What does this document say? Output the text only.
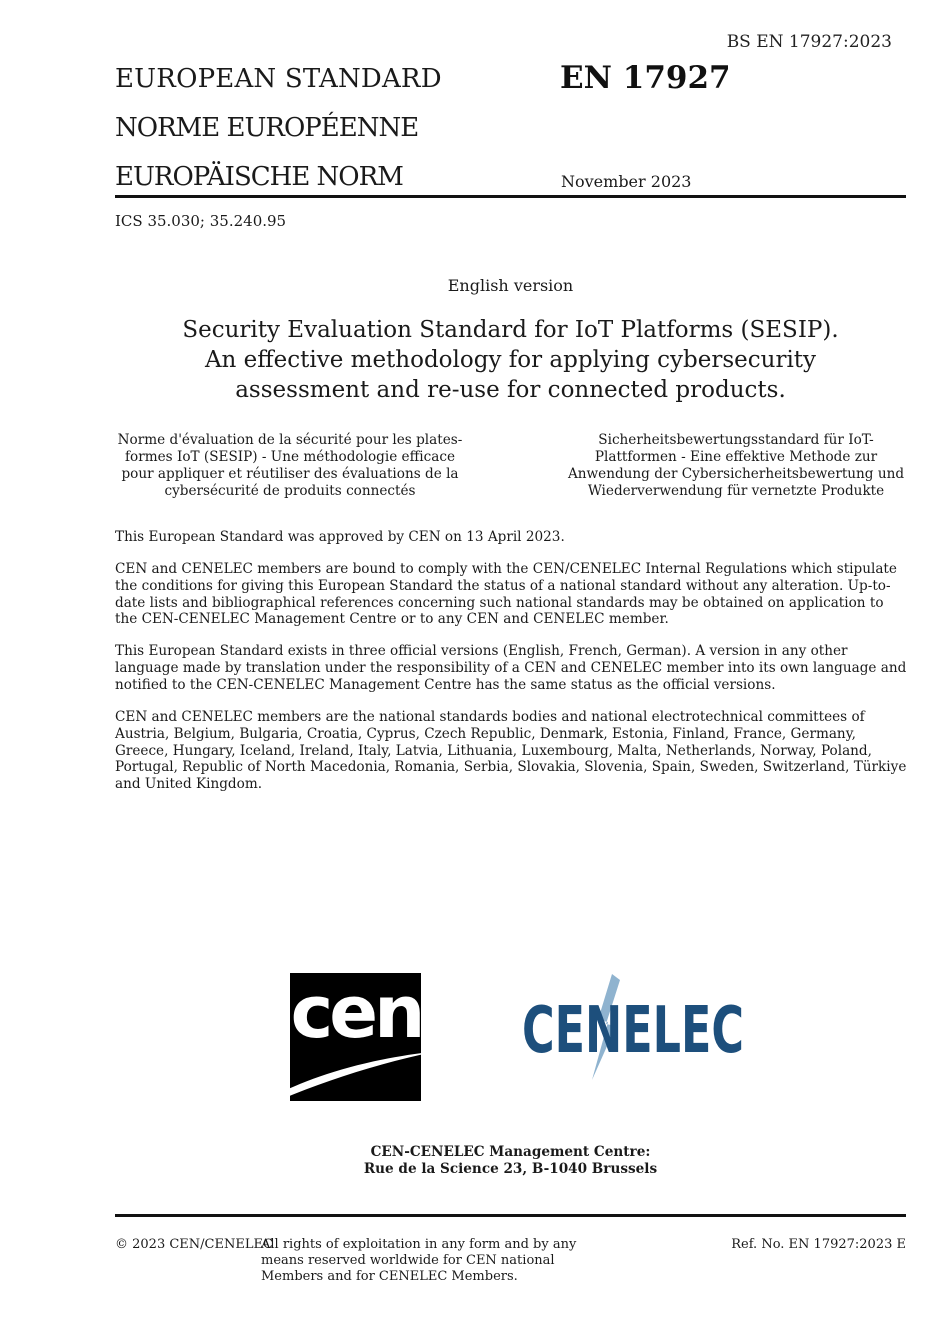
BS EN 17927:2023
EUROPEAN STANDARD
NORME EUROPÉENNE
EUROPÄISCHE NORM
EN 17927
November 2023
ICS 35.030; 35.240.95
English version
Security Evaluation Standard for IoT Platforms (SESIP).
An effective methodology for applying cybersecurity
assessment and re-use for connected products.
Norme d'évaluation de la sécurité pour les plates-formes IoT (SESIP) - Une méthodologie efficace pour appliquer et réutiliser des évaluations de la cybersécurité de produits connectés
Sicherheitsbewertungsstandard für IoT-Plattformen - Eine effektive Methode zur Anwendung der Cybersicherheitsbewertung und Wiederverwendung für vernetzte Produkte

This European Standard was approved by CEN on 13 April 2023.

CEN and CENELEC members are bound to comply with the CEN/CENELEC Internal Regulations which stipulate the conditions for giving this European Standard the status of a national standard without any alteration. Up-to-date lists and bibliographical references concerning such national standards may be obtained on application to the CEN-CENELEC Management Centre or to any CEN and CENELEC member.

This European Standard exists in three official versions (English, French, German). A version in any other language made by translation under the responsibility of a CEN and CENELEC member into its own language and notified to the CEN-CENELEC Management Centre has the same status as the official versions.

CEN and CENELEC members are the national standards bodies and national electrotechnical committees of Austria, Belgium, Bulgaria, Croatia, Cyprus, Czech Republic, Denmark, Estonia, Finland, France, Germany, Greece, Hungary, Iceland, Ireland, Italy, Latvia, Lithuania, Luxembourg, Malta, Netherlands, Norway, Poland, Portugal, Republic of North Macedonia, Romania, Serbia, Slovakia, Slovenia, Spain, Sweden, Switzerland, Türkiye and United Kingdom.

cen CENELEC
CEN-CENELEC Management Centre:
Rue de la Science 23, B-1040 Brussels
© 2023 CEN/CENELEC
All rights of exploitation in any form and by any means reserved worldwide for CEN national Members and for CENELEC Members.
Ref. No. EN 17927:2023 E
